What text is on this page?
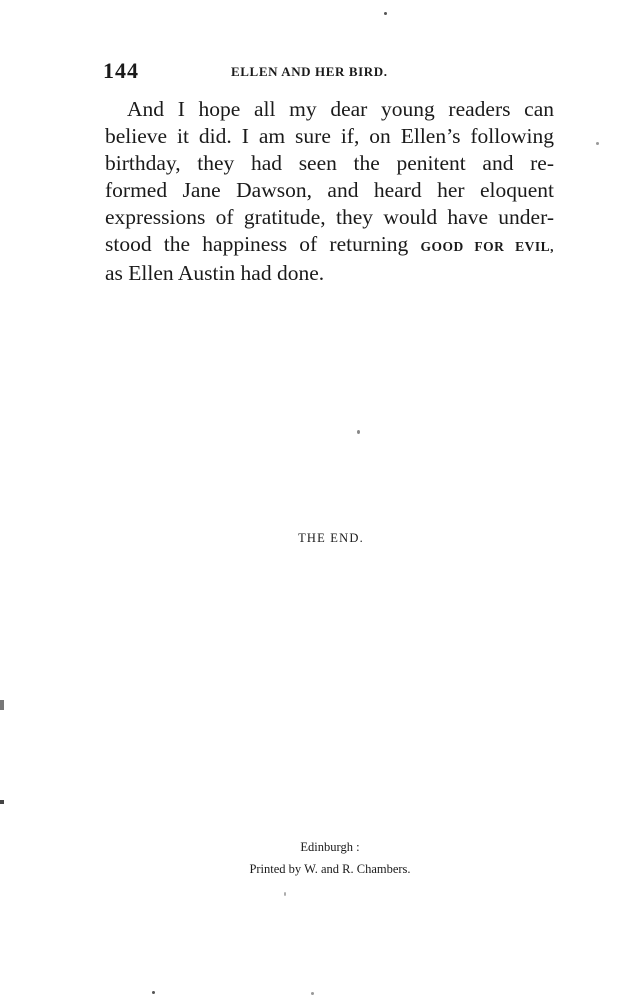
144	ELLEN AND HER BIRD.
And I hope all my dear young readers can
believe it did. I am sure if, on Ellen’s following
birthday, they had seen the penitent and re-
formed Jane Dawson, and heard her eloquent
expressions of gratitude, they would have under-
stood the happiness of returning GOOD FOR EVIL,
as Ellen Austin had done.
THE END.
Edinburgh :
Printed by W. and R. Chambers.
